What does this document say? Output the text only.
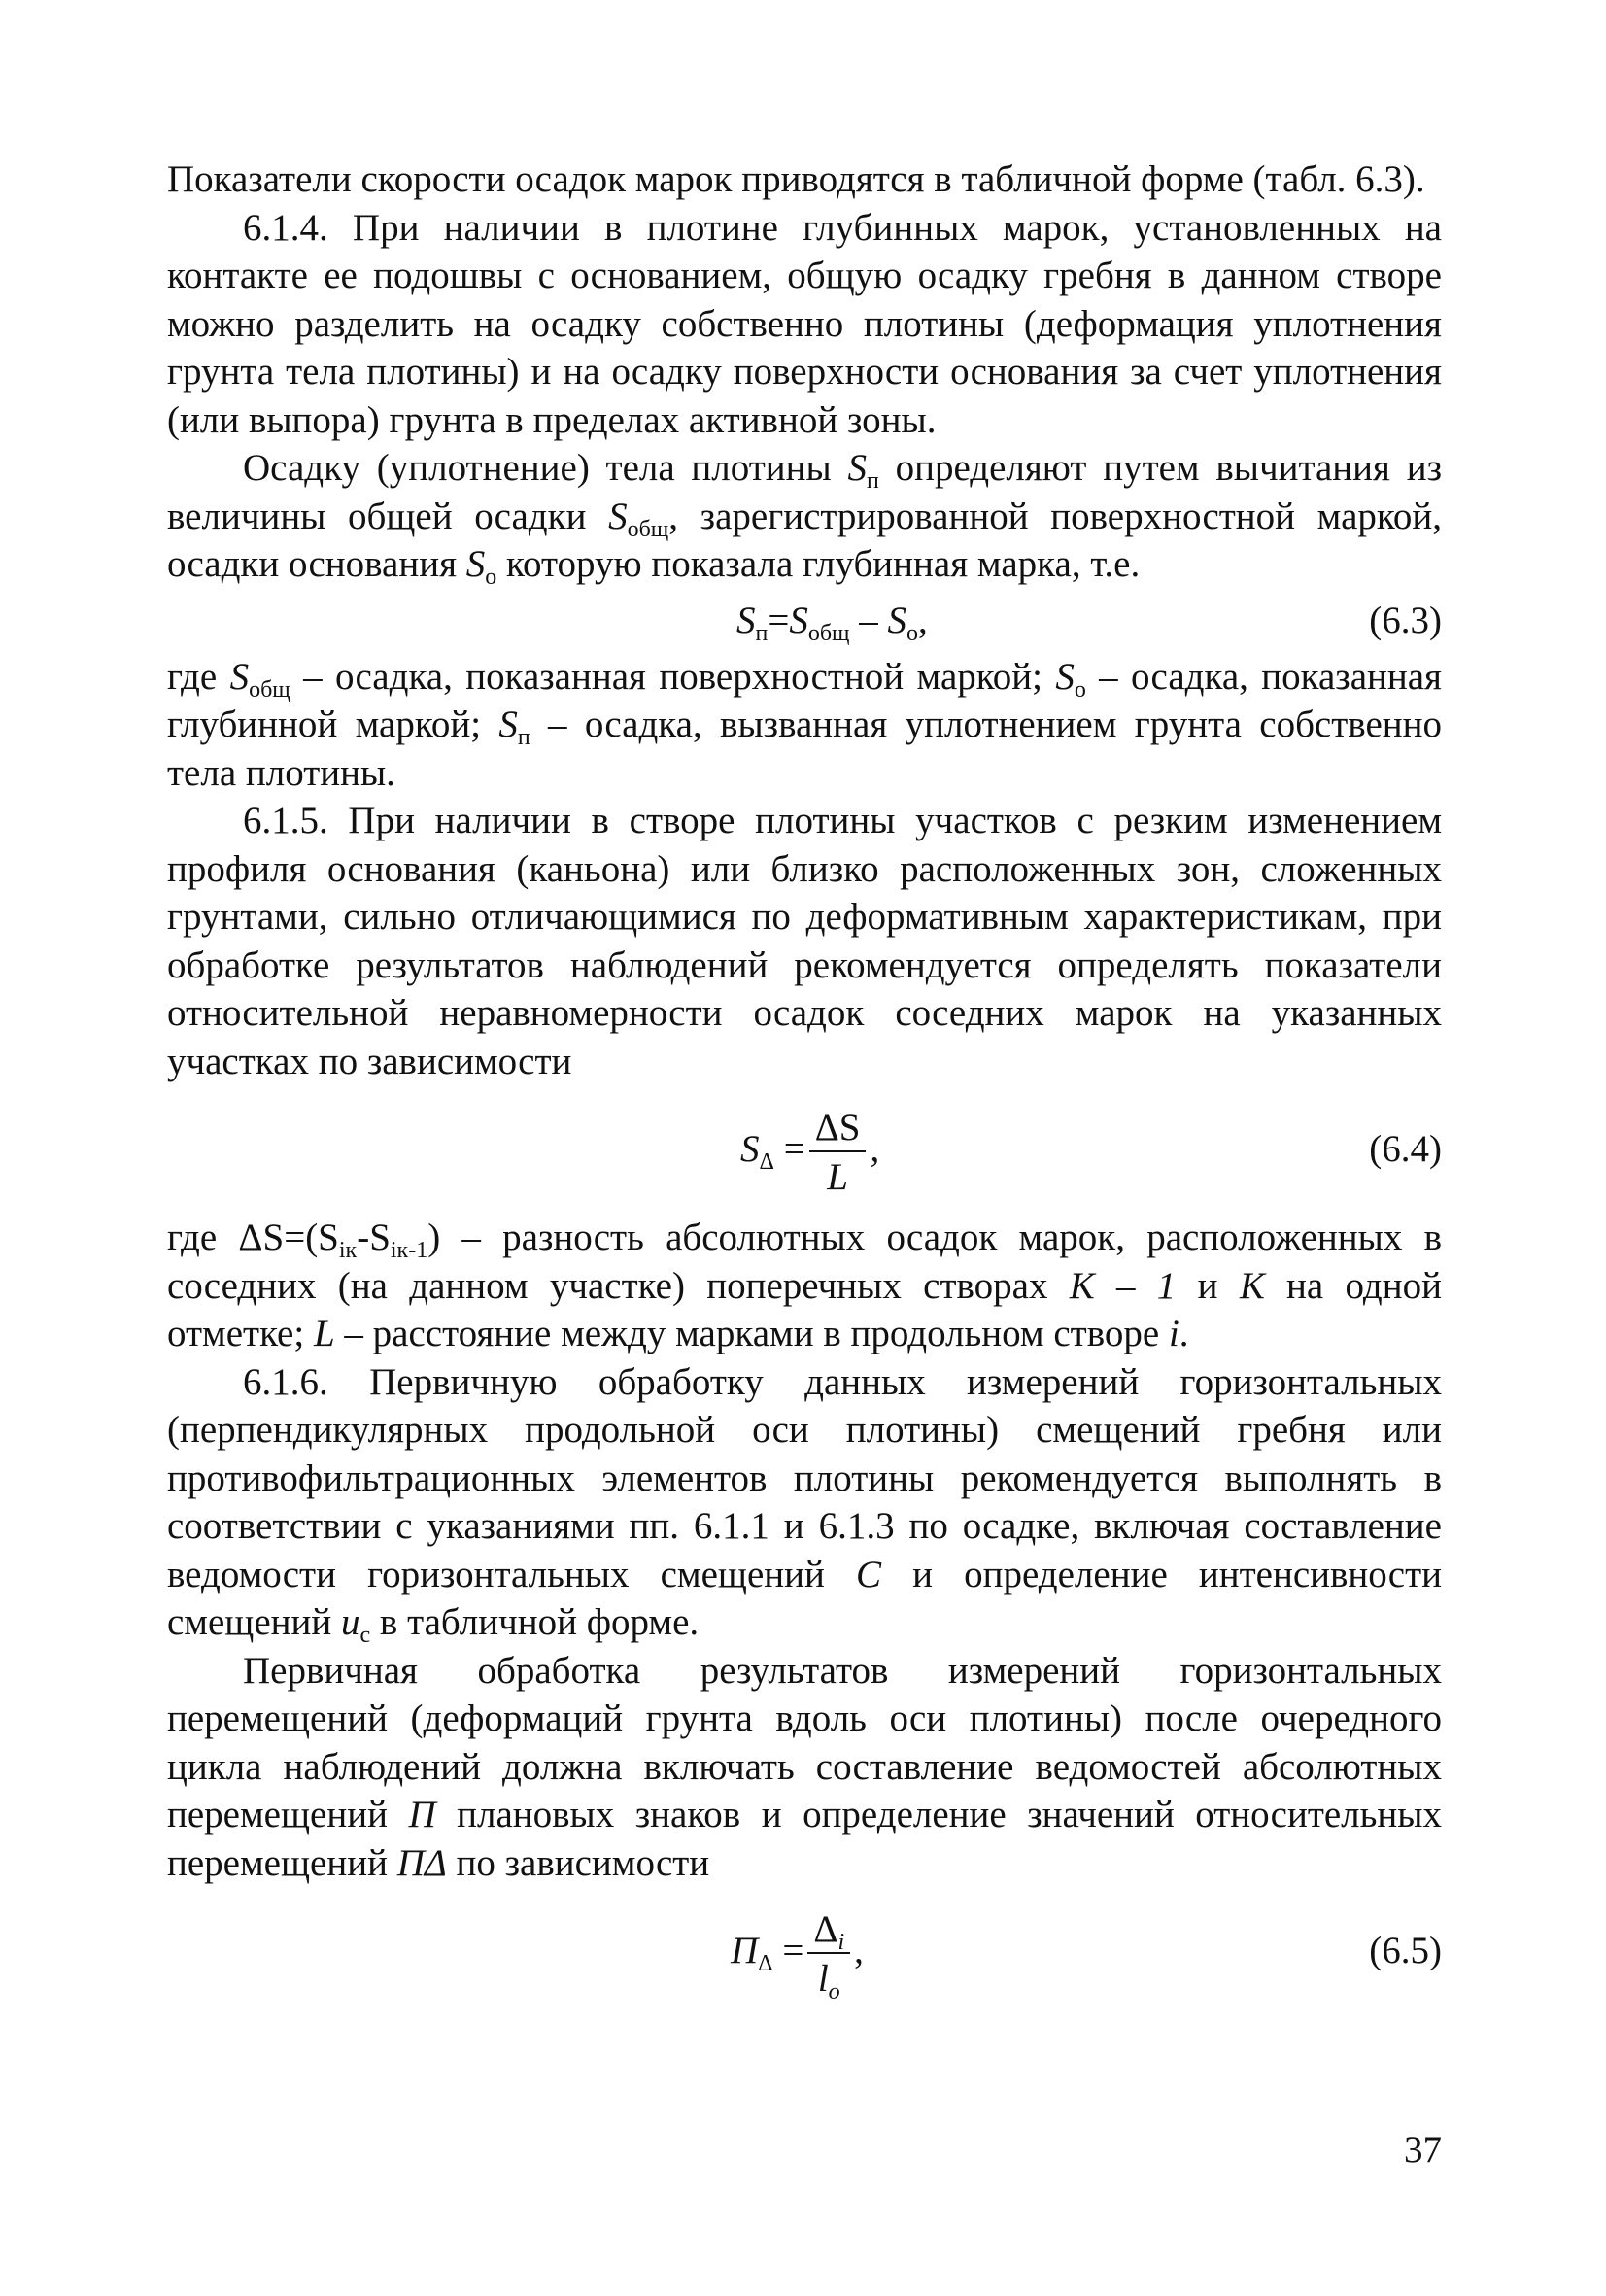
Показатели скорости осадок марок приводятся в табличной форме (табл. 6.3).

6.1.4. При наличии в плотине глубинных марок, установленных на контакте ее подошвы с основанием, общую осадку гребня в данном створе можно разделить на осадку собственно плотины (деформация уплотнения грунта тела плотины) и на осадку поверхности основания за счет уплотнения (или выпора) грунта в пределах активной зоны.

Осадку (уплотнение) тела плотины $S_п$ определяют путем вычитания из величины общей осадки $S_{общ}$, зарегистрированной поверхностной маркой, осадки основания $S_о$ которую показала глубинная марка, т.е.

$S_п=S_{общ} - S_о$,	(6.3)

где $S_{общ}$ – осадка, показанная поверхностной маркой; $S_о$ – осадка, показанная глубинной маркой; $S_п$ – осадка, вызванная уплотнением грунта собственно тела плотины.

6.1.5. При наличии в створе плотины участков с резким изменением профиля основания (каньона) или близко расположенных зон, сложенных грунтами, сильно отличающимися по деформативным характеристикам, при обработке результатов наблюдений рекомендуется определять показатели относительной неравномерности осадок соседних марок на указанных участках по зависимости

$S_\Delta = \frac{\Delta S}{L}$ ,	(6.4)

где $\Delta S=(S_{iк}-S_{iк-1})$ – разность абсолютных осадок марок, расположенных в соседних (на данном участке) поперечных створах К – 1 и К на одной отметке; L – расстояние между марками в продольном створе i.

6.1.6. Первичную обработку данных измерений горизонтальных (перпендикулярных продольной оси плотины) смещений гребня или противофильтрационных элементов плотины рекомендуется выполнять в соответствии с указаниями пп. 6.1.1 и 6.1.3 по осадке, включая составление ведомости горизонтальных смещений С и определение интенсивности смещений $u_c$ в табличной форме.

Первичная обработка результатов измерений горизонтальных перемещений (деформаций грунта вдоль оси плотины) после очередного цикла наблюдений должна включать составление ведомостей абсолютных перемещений П плановых знаков и определение значений относительных перемещений ПΔ по зависимости

$П_\Delta = \frac{\Delta_i}{l_o}$ ,	(6.5)
37
